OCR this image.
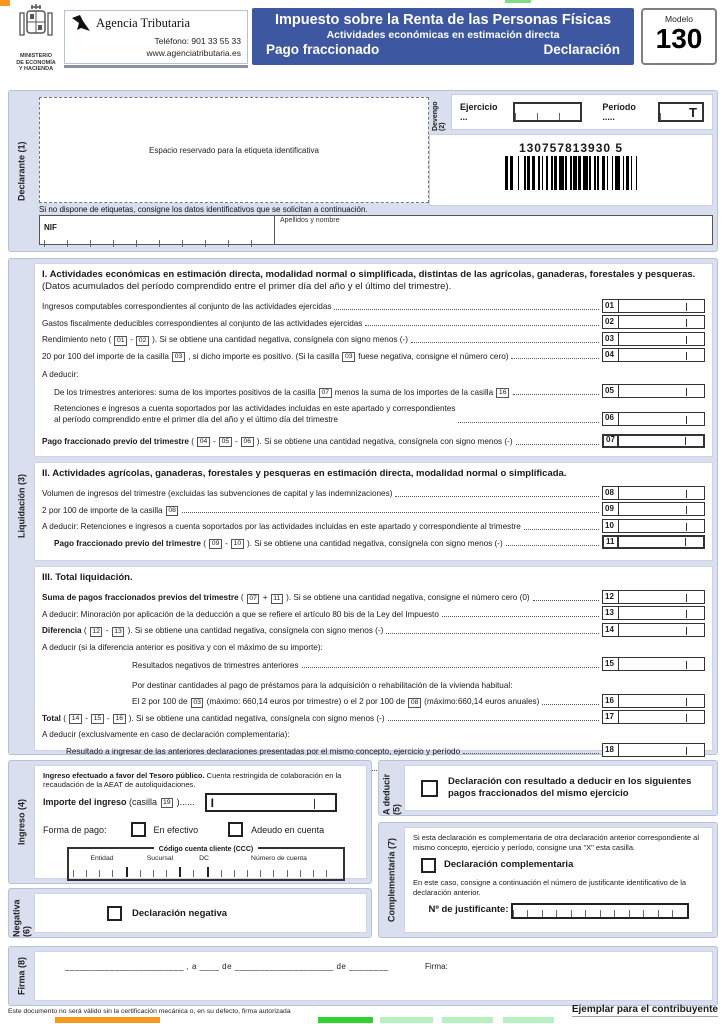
MINISTERIO
DE ECONOMÍA
Y HACIENDA
Agencia Tributaria
Teléfono: 901 33 55 33
www.agenciatributaria.es
Impuesto sobre la Renta de las Personas Físicas
Actividades económicas en estimación directa
Pago fraccionado	Declaración
Modelo
130
Declarante (1)	Espacio reservado para la etiqueta identificativa
Si no dispone de etiquetas, consigne los datos identificativos que se solicitan a continuación.
NIF
Apellidos y nombre
Devengo (2)
Ejercicio ...
Período .....	T
130757813930 5
Liquidación (3)
I. Actividades económicas en estimación directa, modalidad normal o simplificada, distintas de las agrícolas, ganaderas, forestales y pesqueras. (Datos acumulados del período comprendido entre el primer día del año y el último del trimestre).
Ingresos computables correspondientes al conjunto de las actividades ejercidas	01
Gastos fiscalmente deducibles correspondientes al conjunto de las actividades ejercidas	02
Rendimiento neto ( 01 - 02 ). Si se obtiene una cantidad negativa, consígnela con signo menos (-)	03
20 por 100 del importe de la casilla 03 , si dicho importe es positivo. (Si la casilla 03 fuese negativa, consigne el número cero)	04
A deducir:
De los trimestres anteriores: suma de los importes positivos de la casilla 07 menos la suma de los importes de la casilla 16	05
Retenciones e ingresos a cuenta soportados por las actividades incluidas en este apartado y correspondientes
al período comprendido entre el primer día del año y el último día del trimestre	06
Pago fraccionado previo del trimestre ( 04 - 05 - 06 ). Si se obtiene una cantidad negativa, consígnela con signo menos (-)	07
II. Actividades agrícolas, ganaderas, forestales y pesqueras en estimación directa, modalidad normal o simplificada.
Volumen de ingresos del trimestre (excluidas las subvenciones de capital y las indemnizaciones)	08
2 por 100 de importe de la casilla 08	09
A deducir: Retenciones e ingresos a cuenta soportados por las actividades incluidas en este apartado y correspondiente al trimestre	10
Pago fraccionado previo del trimestre ( 09 - 10 ). Si se obtiene una cantidad negativa, consígnela con signo menos (-)	11
III. Total liquidación.
Suma de pagos fraccionados previos del trimestre ( 07 + 11 ). Si se obtiene una cantidad negativa, consigne el número cero (0)	12
A deducir: Minoración por aplicación de la deducción a que se refiere el artículo 80 bis de la Ley del Impuesto	13
Diferencia ( 12 - 13 ). Si se obtiene una cantidad negativa, consígnela con signo menos (-)	14
A deducir (si la diferencia anterior es positiva y con el máximo de su importe):
Resultados negativos de trimestres anteriores	15
Por destinar cantidades al pago de préstamos para la adquisición o rehabilitación de la vivienda habitual:
El 2 por 100 de 03 (máximo: 660,14 euros por trimestre) o el 2 por 100 de 08 (máximo:660,14 euros anuales)	16
Total ( 14 - 15 - 16 ). Si se obtiene una cantidad negativa, consígnela con signo menos (-)	17
A deducir (exclusivamente en caso de declaración complementaria):
Resultado a ingresar de las anteriores declaraciones presentadas por el mismo concepto, ejercicio y período	18
Ingreso (4)
Ingreso efectuado a favor del Tesoro público. Cuenta restringida de colaboración en la recaudación de la AEAT de autoliquidaciones.
Importe del ingreso (casilla 19 )...... I
Forma de pago:	En efectivo	Adeudo en cuenta
Código cuenta cliente (CCC)
Entidad	Sucursal	DC	Número de cuenta
A deducir (5)
Declaración con resultado a deducir en los siguientes pagos fraccionados del mismo ejercicio
Complementaria (7)
Si esta declaración es complementaria de otra declaración anterior correspondiente al mismo concepto, ejercicio y período, consigne una "X" esta casilla.
Declaración complementaria
En este caso, consigne a continuación el número de justificante identificativo de la declaración anterior.
Nº de justificante:
Negativa (6)
Declaración negativa
Firma (8)	________________________ , a ____ de ____________________ de ________	Firma:
Este documento no será válido sin la certificación mecánica o, en su defecto, firma autorizada	Ejemplar para el contribuyente
